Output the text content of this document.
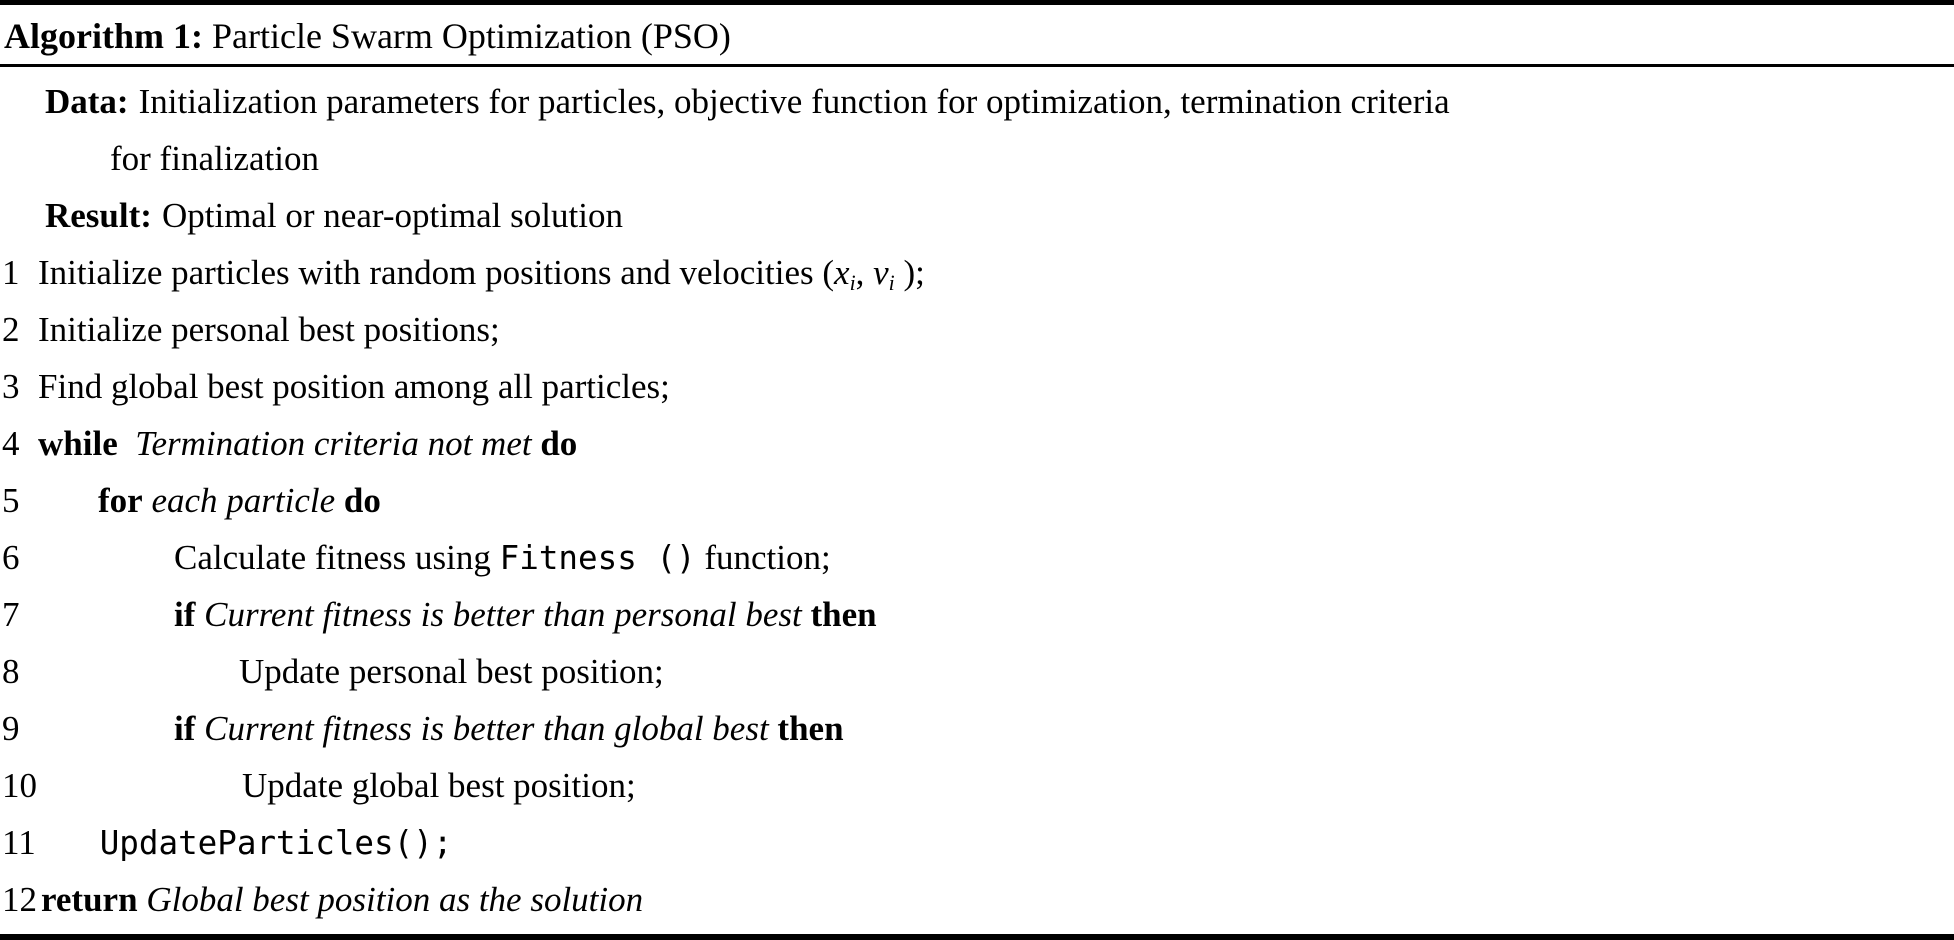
Algorithm 1: Particle Swarm Optimization (PSO)
Data: Initialization parameters for particles, objective function for optimization, termination criteria
for finalization
Result: Optimal or near-optimal solution
1 Initialize particles with random positions and velocities (xi, vi );
2 Initialize personal best positions;
3 Find global best position among all particles;
4 while Termination criteria not met do
5	for each particle do
6	Calculate fitness using Fitness () function;
7	if Current fitness is better than personal best then
8	Update personal best position;
9	if Current fitness is better than global best then
10	Update global best position;
11	UpdateParticles();
12 return Global best position as the solution
